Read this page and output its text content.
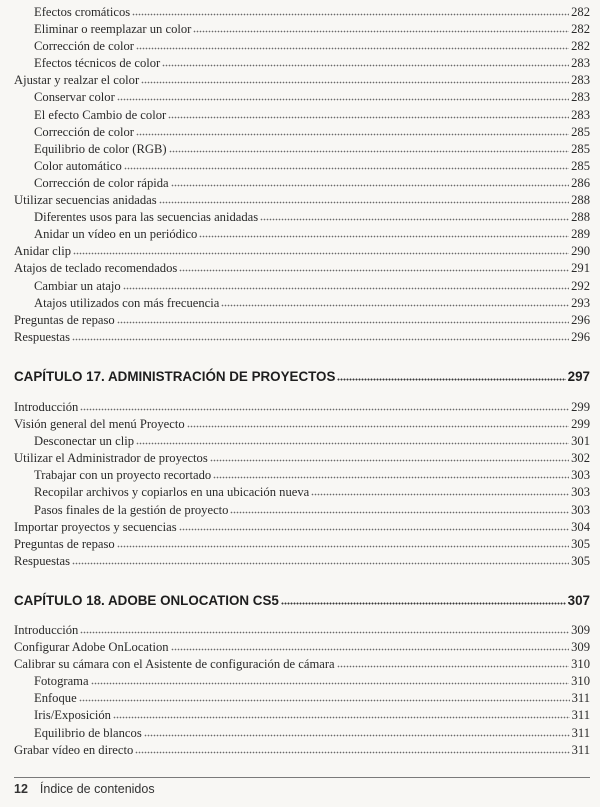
Efectos cromáticos	282
Eliminar o reemplazar un color	282
Corrección de color	282
Efectos técnicos de color	283
Ajustar y realzar el color	283
Conservar color	283
El efecto Cambio de color	283
Corrección de color	285
Equilibrio de color (RGB)	285
Color automático	285
Corrección de color rápida	286
Utilizar secuencias anidadas	288
Diferentes usos para las secuencias anidadas	288
Anidar un vídeo en un periódico	289
Anidar clip	290
Atajos de teclado recomendados	291
Cambiar un atajo	292
Atajos utilizados con más frecuencia	293
Preguntas de repaso	296
Respuestas	296
CAPÍTULO 17. ADMINISTRACIÓN DE PROYECTOS	297
Introducción	299
Visión general del menú Proyecto	299
Desconectar un clip	301
Utilizar el Administrador de proyectos	302
Trabajar con un proyecto recortado	303
Recopilar archivos y copiarlos en una ubicación nueva	303
Pasos finales de la gestión de proyecto	303
Importar proyectos y secuencias	304
Preguntas de repaso	305
Respuestas	305
CAPÍTULO 18. ADOBE ONLOCATION CS5	307
Introducción	309
Configurar Adobe OnLocation	309
Calibrar su cámara con el Asistente de configuración de cámara	310
Fotograma	310
Enfoque	311
Iris/Exposición	311
Equilibrio de blancos	311
Grabar vídeo en directo	311
12 Índice de contenidos
